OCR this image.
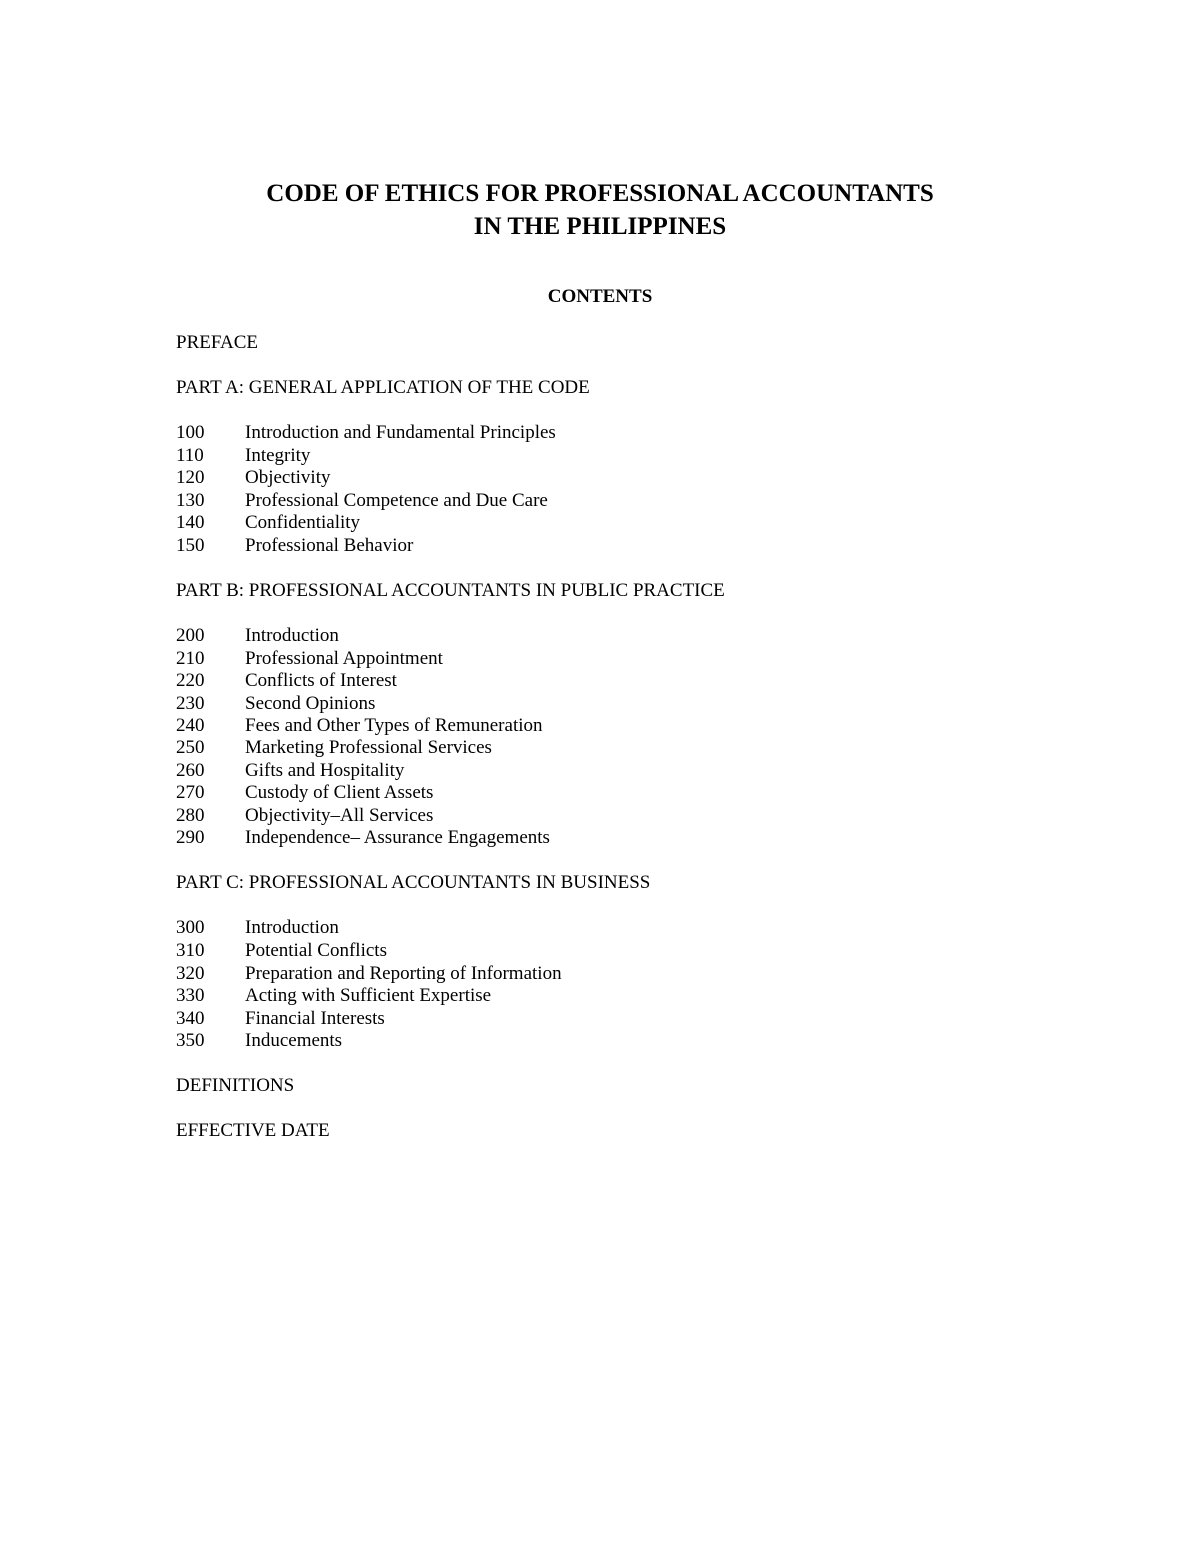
CODE OF ETHICS FOR PROFESSIONAL ACCOUNTANTS
IN THE PHILIPPINES
CONTENTS
PREFACE
PART A: GENERAL APPLICATION OF THE CODE
100 Introduction and Fundamental Principles
110 Integrity
120 Objectivity
130 Professional Competence and Due Care
140 Confidentiality
150 Professional Behavior
PART B: PROFESSIONAL ACCOUNTANTS IN PUBLIC PRACTICE
200 Introduction
210 Professional Appointment
220 Conflicts of Interest
230 Second Opinions
240 Fees and Other Types of Remuneration
250 Marketing Professional Services
260 Gifts and Hospitality
270 Custody of Client Assets
280 Objectivity–All Services
290 Independence– Assurance Engagements
PART C: PROFESSIONAL ACCOUNTANTS IN BUSINESS
300 Introduction
310 Potential Conflicts
320 Preparation and Reporting of Information
330 Acting with Sufficient Expertise
340 Financial Interests
350 Inducements
DEFINITIONS
EFFECTIVE DATE
